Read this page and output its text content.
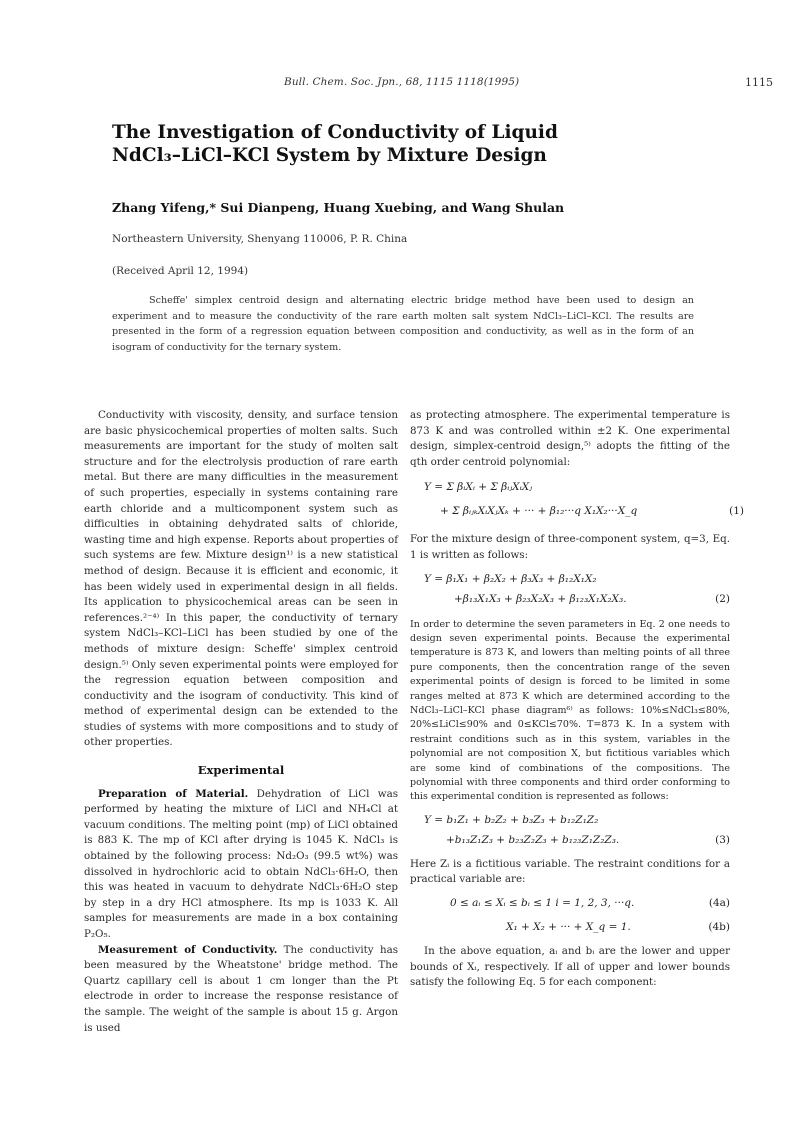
Bull. Chem. Soc. Jpn., 68, 1115 1118(1995)	1115
The Investigation of Conductivity of Liquid
NdCl₃–LiCl–KCl System by Mixture Design
Zhang Yifeng,* Sui Dianpeng, Huang Xuebing, and Wang Shulan
Northeastern University, Shenyang 110006, P. R. China
(Received April 12, 1994)
Scheffe' simplex centroid design and alternating electric bridge method have been used to design an experiment and to measure the conductivity of the rare earth molten salt system NdCl₃–LiCl–KCl. The results are presented in the form of a regression equation between composition and conductivity, as well as in the form of an isogram of conductivity for the ternary system.

Conductivity with viscosity, density, and surface tension are basic physicochemical properties of molten salts. Such measurements are important for the study of molten salt structure and for the electrolysis production of rare earth metal. But there are many difficulties in the measurement of such properties, especially in systems containing rare earth chloride and a multicomponent system such as difficulties in obtaining dehydrated salts of chloride, wasting time and high expense. Reports about properties of such systems are few. Mixture design¹⁾ is a new statistical method of design. Because it is efficient and economic, it has been widely used in experimental design in all fields. Its application to physicochemical areas can be seen in references.²⁻⁴⁾ In this paper, the conductivity of ternary system NdCl₃–KCl–LiCl has been studied by one of the methods of mixture design: Scheffe' simplex centroid design.⁵⁾ Only seven experimental points were employed for the regression equation between composition and conductivity and the isogram of conductivity. This kind of method of experimental design can be extended to the studies of systems with more compositions and to study of other properties.

Experimental

Preparation of Material. Dehydration of LiCl was performed by heating the mixture of LiCl and NH₄Cl at vacuum conditions. The melting point (mp) of LiCl obtained is 883 K. The mp of KCl after drying is 1045 K. NdCl₃ is obtained by the following process: Nd₂O₃ (99.5 wt%) was dissolved in hydrochloric acid to obtain NdCl₃·6H₂O, then this was heated in vacuum to dehydrate NdCl₃·6H₂O step by step in a dry HCl atmosphere. Its mp is 1033 K. All samples for measurements are made in a box containing P₂O₅.

Measurement of Conductivity. The conductivity has been measured by the Wheatstone' bridge method. The Quartz capillary cell is about 1 cm longer than the Pt electrode in order to increase the response resistance of the sample. The weight of the sample is about 15 g. Argon is used

as protecting atmosphere. The experimental temperature is 873 K and was controlled within ±2 K. One experimental design, simplex-centroid design,⁵⁾ adopts the fitting of the qth order centroid polynomial:

Y = Σ βᵢXᵢ + Σ βᵢⱼXᵢXⱼ
+ Σ βᵢⱼₖXᵢXⱼXₖ + ··· + β₁₂···q X₁X₂···X_q	(1)

For the mixture design of three-component system, q=3, Eq. 1 is written as follows:

Y = β₁X₁ + β₂X₂ + β₃X₃ + β₁₂X₁X₂
+β₁₃X₁X₃ + β₂₃X₂X₃ + β₁₂₃X₁X₂X₃.	(2)

In order to determine the seven parameters in Eq. 2 one needs to design seven experimental points. Because the experimental temperature is 873 K, and lowers than melting points of all three pure components, then the concentration range of the seven experimental points of design is forced to be limited in some ranges melted at 873 K which are determined according to the NdCl₃–LiCl–KCl phase diagram⁶⁾ as follows: 10%≤NdCl₃≤80%, 20%≤LiCl≤90% and 0≤KCl≤70%. T=873 K. In a system with restraint conditions such as in this system, variables in the polynomial are not composition X, but fictitious variables which are some kind of combinations of the compositions. The polynomial with three components and third order conforming to this experimental condition is represented as follows:

Y = b₁Z₁ + b₂Z₂ + b₃Z₃ + b₁₂Z₁Z₂
+b₁₃Z₁Z₃ + b₂₃Z₂Z₃ + b₁₂₃Z₁Z₂Z₃.	(3)

Here Zᵢ is a fictitious variable. The restraint conditions for a practical variable are:

0 ≤ aᵢ ≤ Xᵢ ≤ bᵢ ≤ 1 i = 1, 2, 3, ···q.	(4a)
X₁ + X₂ + ··· + X_q = 1.	(4b)

In the above equation, aᵢ and bᵢ are the lower and upper bounds of Xᵢ, respectively. If all of upper and lower bounds satisfy the following Eq. 5 for each component:
